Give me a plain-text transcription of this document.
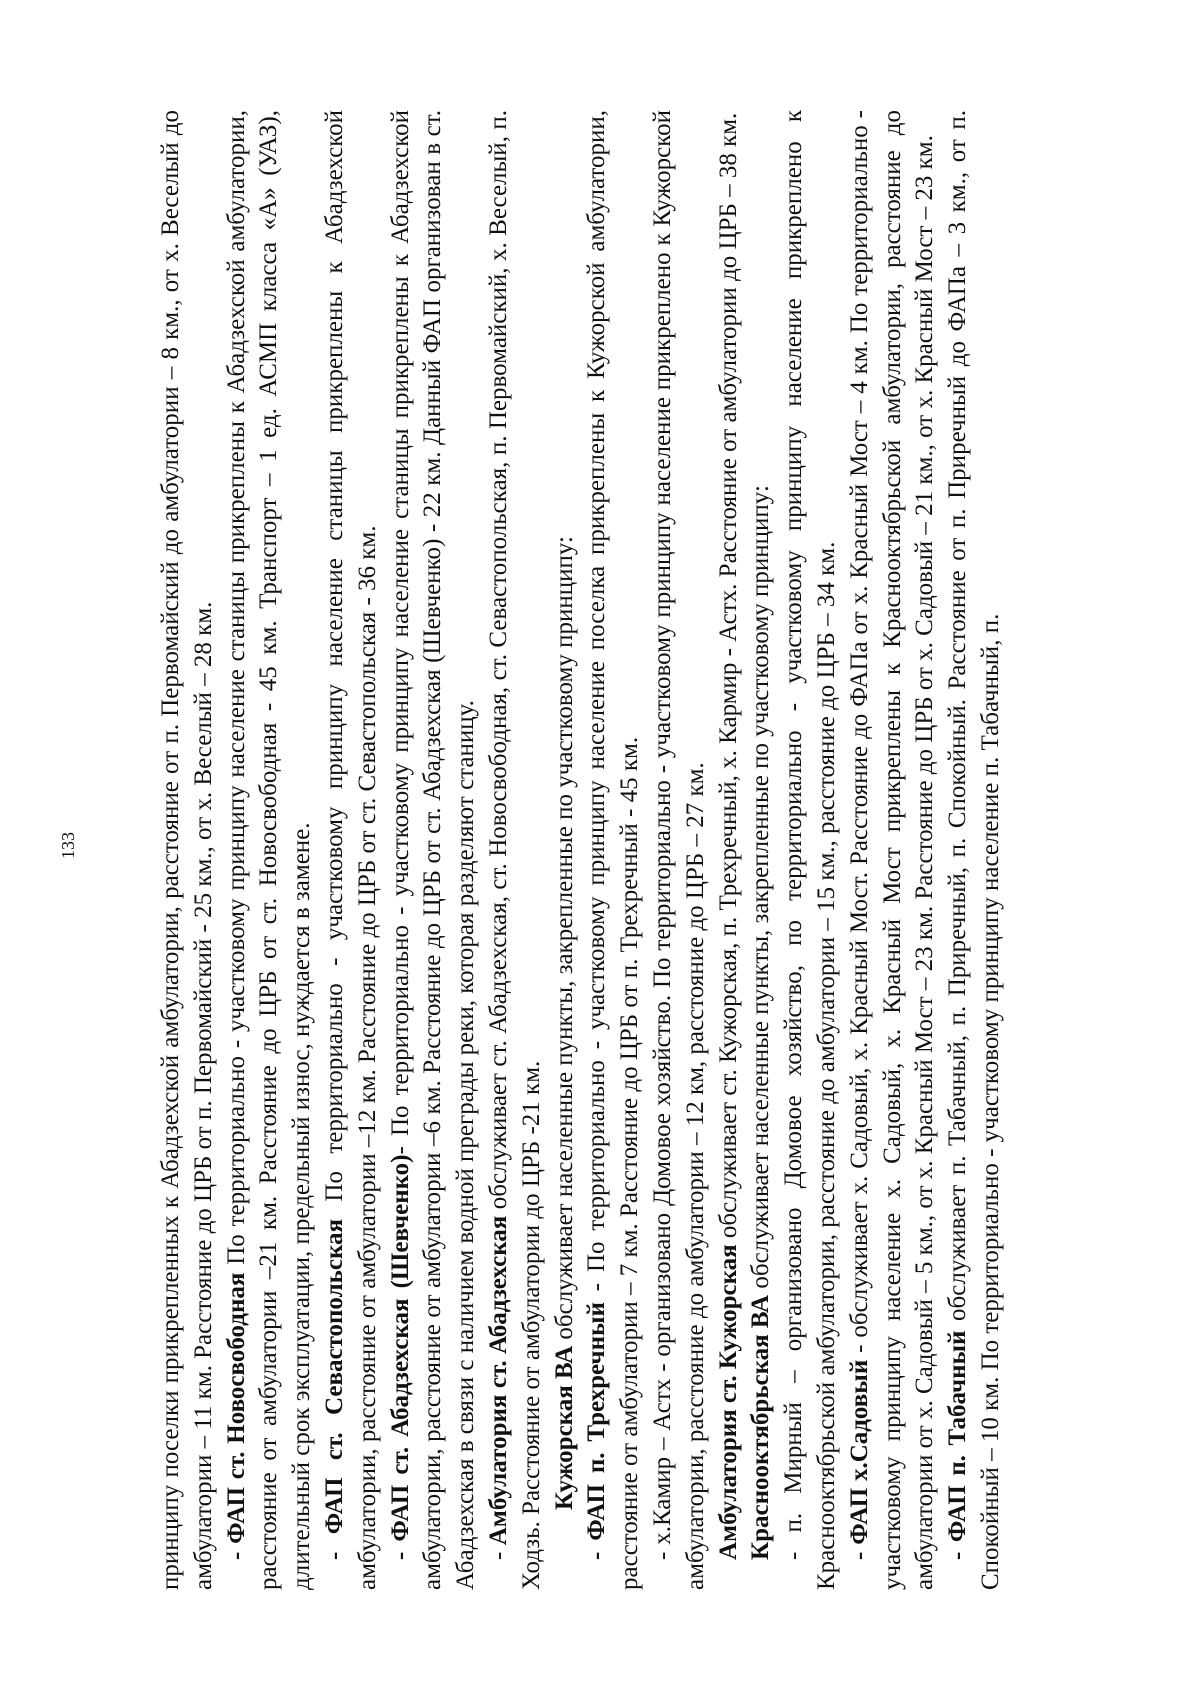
133	принципу поселки прикрепленных к Абадзехской амбулатории, расстояние от п. Первомайский до амбулатории – 8 км., от х. Веселый до амбулатории – 11 км. Расстояние до ЦРБ от п. Первомайский - 25 км., от х. Веселый – 28 км. - ФАП ст. Новосвободная По территориально - участковому принципу население станицы прикреплены к Абадзехской амбулатории, расстояние от амбулатории –21 км. Расстояние до ЦРБ от ст. Новосвободная - 45 км. Транспорт – 1 ед. АСМП класса «А» (УАЗ), длительный срок эксплуатации, предельный износ, нуждается в замене. - ФАП ст. Севастопольская По территориально - участковому принципу население станицы прикреплены к Абадзехской амбулатории, расстояние от амбулатории –12 км. Расстояние до ЦРБ от ст. Севастопольская - 36 км. - ФАП ст. Абадзехская (Шевченко)- По территориально - участковому принципу население станицы прикреплены к Абадзехской амбулатории, расстояние от амбулатории –6 км. Расстояние до ЦРБ от ст. Абадзехская (Шевченко) - 22 км. Данный ФАП организован в ст. Абадзехская в связи с наличием водной преграды реки, которая разделяют станицу. - Амбулатория ст. Абадзехская обслуживает ст. Абадзехская, ст. Новосвободная, ст. Севастопольская, п. Первомайский, х. Веселый, п. Ходзь. Расстояние от амбулатории до ЦРБ -21 км. Кужорская ВА обслуживает населенные пункты, закрепленные по участковому принципу:

- ФАП п. Трехречный - По территориально - участковому принципу население поселка прикреплены к Кужорской амбулатории, расстояние от амбулатории – 7 км. Расстояние до ЦРБ от п. Трехречный - 45 км. - х.Камир – Астх - организовано Домовое хозяйство. По территориально - участковому принципу население прикреплено к Кужорской амбулатории, расстояние до амбулатории – 12 км, расстояние до ЦРБ – 27 км. Амбулатория ст. Кужорская обслуживает ст. Кужорская, п. Трехречный, х. Кармир - Астх. Расстояние от амбулатории до ЦРБ – 38 км.

Краснооктябрьская ВА обслуживает населенные пункты, закрепленные по участковому принципу: - п. Мирный – организовано Домовое хозяйство, по территориально - участковому принципу население прикреплено к Краснооктябрьской амбулатории, расстояние до амбулатории – 15 км., расстояние до ЦРБ – 34 км. - ФАП х.Садовый - обслуживает х. Садовый, х. Красный Мост. Расстояние до ФАПа от х. Красный Мост – 4 км. По территориально - участковому принципу население х. Садовый, х. Красный Мост прикреплены к Краснооктябрьской амбулатории, расстояние до амбулатории от х. Садовый – 5 км., от х. Красный Мост – 23 км. Расстояние до ЦРБ от х. Садовый – 21 км., от х. Красный Мост – 23 км. - ФАП п. Табачный обслуживает п. Табачный, п. Приречный, п. Спокойный. Расстояние от п. Приречный до ФАПа – 3 км., от п. Спокойный – 10 км. По территориально - участковому принципу население п. Табачный, п.
